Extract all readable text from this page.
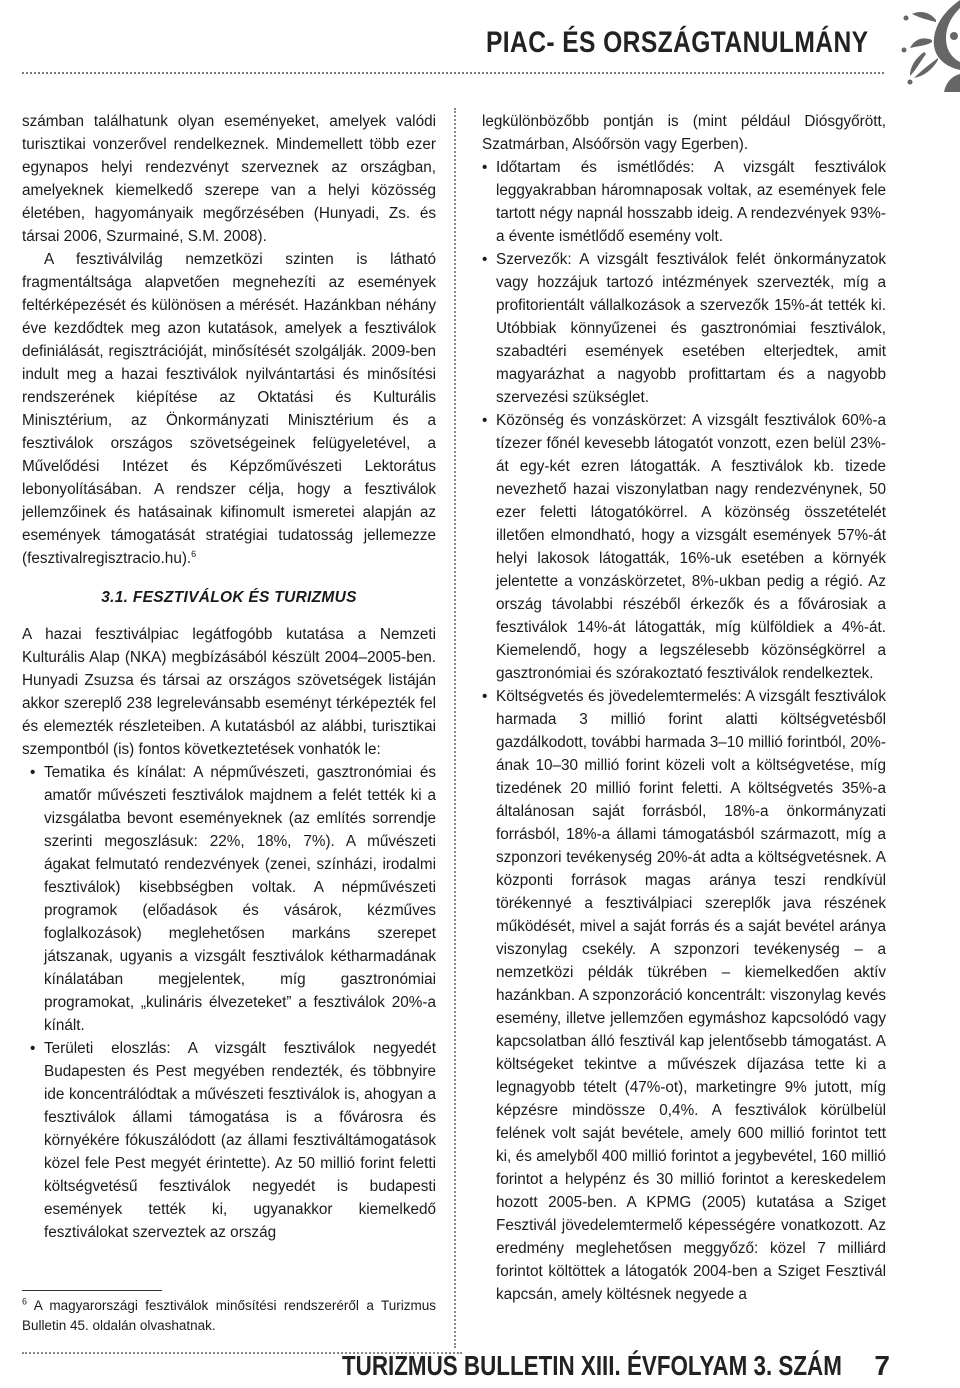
PIAC- ÉS ORSZÁGTANULMÁNY

számban találhatunk olyan eseményeket, amelyek valódi turisztikai vonzerővel rendelkeznek. Mindemellett több ezer egynapos helyi rendezvényt szerveznek az országban, amelyeknek kiemelkedő szerepe van a helyi közösség életében, hagyományaik megőrzésében (Hunyadi, Zs. és társai 2006, Szurmainé, S.M. 2008).

A fesztiválvilág nemzetközi szinten is látható fragmentáltsága alapvetően megnehezíti az események feltérképezését és különösen a mérését. Hazánkban néhány éve kezdődtek meg azon kutatások, amelyek a fesztiválok definiálását, regisztrációját, minősítését szolgálják. 2009-ben indult meg a hazai fesztiválok nyilvántartási és minősítési rendszerének kiépítése az Oktatási és Kulturális Minisztérium, az Önkormányzati Minisztérium és a fesztiválok országos szövetségeinek felügyeletével, a Művelődési Intézet és Képzőművészeti Lektorátus lebonyolításában. A rendszer célja, hogy a fesztiválok jellemzőinek és hatásainak kifinomult ismeretei alapján az események támogatását stratégiai tudatosság jellemezze (fesztivalregisztracio.hu).$^6$

3.1. FESZTIVÁLOK ÉS TURIZMUS

A hazai fesztiválpiac legátfogóbb kutatása a Nemzeti Kulturális Alap (NKA) megbízásából készült 2004–2005-ben. Hunyadi Zsuzsa és társai az országos szövetségek listáján akkor szereplő 238 legrelevánsabb eseményt térképezték fel és elemezték részleteiben. A kutatásból az alábbi, turisztikai szempontból (is) fontos következtetések vonhatók le:

• Tematika és kínálat: A népművészeti, gasztronómiai és amatőr művészeti fesztiválok majdnem a felét tették ki a vizsgálatba bevont eseményeknek (az említés sorrendje szerinti megoszlásuk: 22%, 18%, 7%). A művészeti ágakat felmutató rendezvények (zenei, színházi, irodalmi fesztiválok) kisebbségben voltak. A népművészeti programok (előadások és vásárok, kézműves foglalkozások) meglehetősen markáns szerepet játszanak, ugyanis a vizsgált fesztiválok kétharmadának kínálatában megjelentek, míg gasztronómiai programokat, „kulináris élvezeteket” a fesztiválok 20%-a kínált.
• Területi eloszlás: A vizsgált fesztiválok negyedét Budapesten és Pest megyében rendezték, és többnyire ide koncentrálódtak a művészeti fesztiválok is, ahogyan a fesztiválok állami támogatása is a fővárosra és környékére fókuszálódott (az állami fesztiváltámogatások közel fele Pest megyét érintette). Az 50 millió forint feletti költségvetésű fesztiválok negyedét is budapesti események tették ki, ugyanakkor kiemelkedő fesztiválokat szerveztek az ország

legkülönbözőbb pontján is (mint például Diósgyőrött, Szatmárban, Alsóőrsön vagy Egerben).

• Időtartam és ismétlődés: A vizsgált fesztiválok leggyakrabban háromnaposak voltak, az események fele tartott négy napnál hosszabb ideig. A rendezvények 93%-a évente ismétlődő esemény volt.
• Szervezők: A vizsgált fesztiválok felét önkormányzatok vagy hozzájuk tartozó intézmények szervezték, míg a profitorientált vállalkozások a szervezők 15%-át tették ki. Utóbbiak könnyűzenei és gasztronómiai fesztiválok, szabadtéri események esetében elterjedtek, amit magyarázhat a nagyobb profittartam és a nagyobb szervezési szükséglet.
• Közönség és vonzáskörzet: A vizsgált fesztiválok 60%-a tízezer főnél kevesebb látogatót vonzott, ezen belül 23%-át egy-két ezren látogatták. A fesztiválok kb. tizede nevezhető hazai viszonylatban nagy rendezvénynek, 50 ezer feletti látogatókörrel. A közönség összetételét illetően elmondható, hogy a vizsgált események 57%-át helyi lakosok látogatták, 16%-uk esetében a környék jelentette a vonzáskörzetet, 8%-ukban pedig a régió. Az ország távolabbi részéből érkezők és a fővárosiak a fesztiválok 14%-át látogatták, míg külföldiek a 4%-át. Kiemelendő, hogy a legszélesebb közönségkörrel a gasztronómiai és szórakoztató fesztiválok rendelkeztek.
• Költségvetés és jövedelemtermelés: A vizsgált fesztiválok harmada 3 millió forint alatti költségvetésből gazdálkodott, további harmada 3–10 millió forintból, 20%-ának 10–30 millió forint közeli volt a költségvetése, míg tizedének 20 millió forint feletti. A költségvetés 35%-a általánosan saját forrásból, 18%-a önkormányzati forrásból, 18%-a állami támogatásból származott, míg a szponzori tevékenység 20%-át adta a költségvetésnek. A központi források magas aránya teszi rendkívül törékennyé a fesztiválpiaci szereplők java részének működését, mivel a saját forrás és a saját bevétel aránya viszonylag csekély. A szponzori tevékenység – a nemzetközi példák tükrében – kiemelkedően aktív hazánkban. A szponzoráció koncentrált: viszonylag kevés esemény, illetve jellemzően egymáshoz kapcsolódó vagy kapcsolatban álló fesztivál kap jelentősebb támogatást. A költségeket tekintve a művészek díjazása tette ki a legnagyobb tételt (47%-ot), marketingre 9% jutott, míg képzésre mindössze 0,4%. A fesztiválok körülbelül felének volt saját bevétele, amely 600 millió forintot tett ki, és amelyből 400 millió forintot a jegybevétel, 160 millió forintot a helypénz és 30 millió forintot a kereskedelem hozott 2005-ben. A KPMG (2005) kutatása a Sziget Fesztivál jövedelemtermelő képességére vonatkozott. Az eredmény meglehetősen meggyőző: közel 7 milliárd forintot költöttek a látogatók 2004-ben a Sziget Fesztivál kapcsán, amely költésnek negyede a
$^6$ A magyarországi fesztiválok minősítési rendszeréről a Turizmus Bulletin 45. oldalán olvashatnak.
TURIZMUS BULLETIN XIII. ÉVFOLYAM 3. SZÁM 7
